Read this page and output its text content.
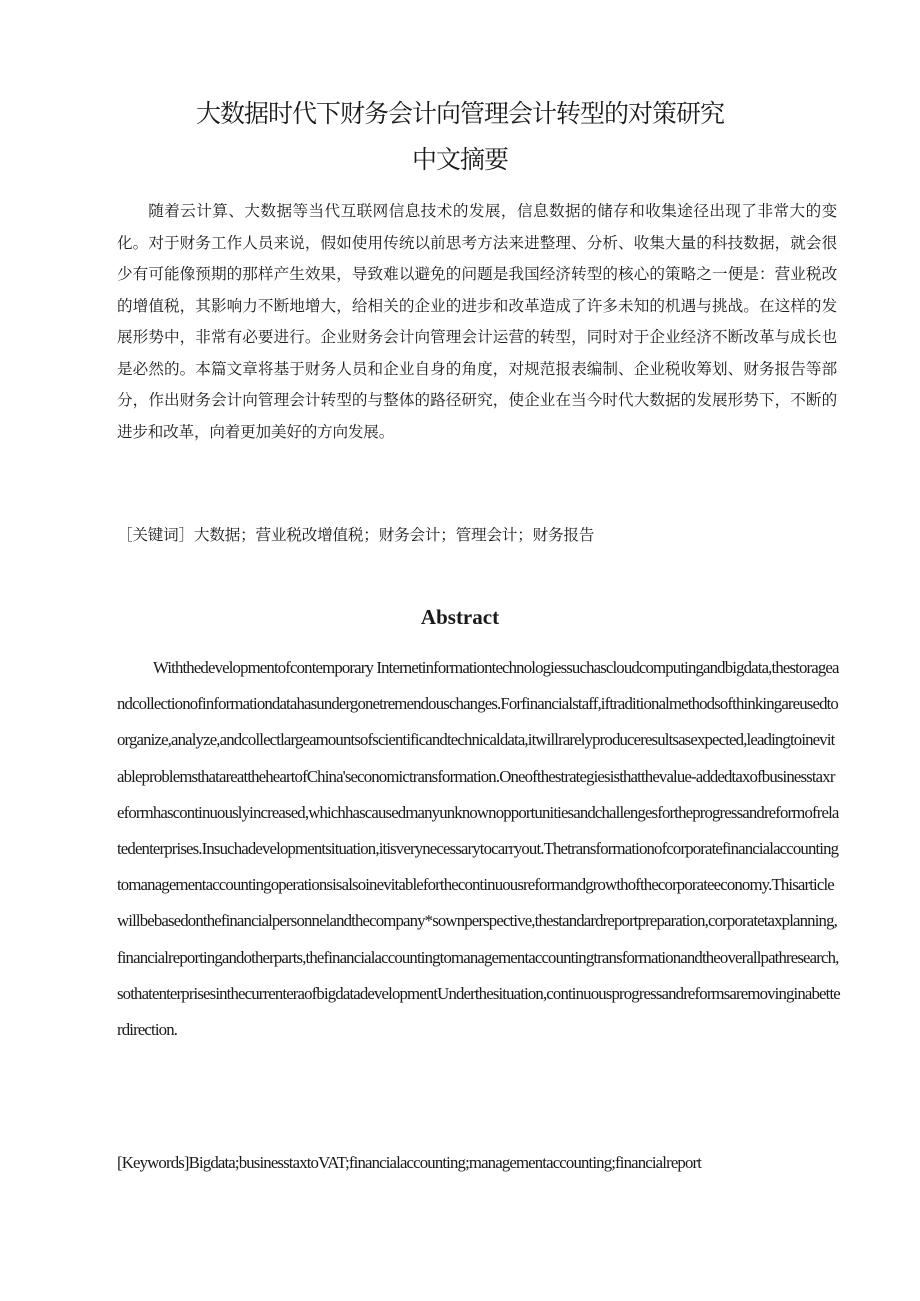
大数据时代下财务会计向管理会计转型的对策研究
中文摘要

随着云计算、大数据等当代互联网信息技术的发展，信息数据的储存和收集途径出现了非常大的变化。对于财务工作人员来说，假如使用传统以前思考方法来进整理、分析、收集大量的科技数据，就会很少有可能像预期的那样产生效果，导致难以避免的问题是我国经济转型的核心的策略之一便是：营业税改的增值税，其影响力不断地增大，给相关的企业的进步和改革造成了许多未知的机遇与挑战。在这样的发展形势中，非常有必要进行。企业财务会计向管理会计运营的转型，同时对于企业经济不断改革与成长也是必然的。本篇文章将基于财务人员和企业自身的角度，对规范报表编制、企业税收筹划、财务报告等部分，作出财务会计向管理会计转型的与整体的路径研究，使企业在当今时代大数据的发展形势下，不断的进步和改革，向着更加美好的方向发展。

［关键词］大数据；营业税改增值税；财务会计；管理会计；财务报告

Abstract

Withthedevelopmentofcontemporary Internetinformationtechnologiessuchascloudcomputingandbigdata,thestorageandcollectionofinformationdatahasundergonetremendouschanges.Forfinancialstaff,iftraditionalmethodsofthinkingareusedtoorganize,analyze,andcollectlargeamountsofscientificandtechnicaldata,itwillrarelyproduceresultsasexpected,leadingtoinevitableproblemsthatareattheheartofChina'seconomictransformation.Oneofthestrategiesisthatthevalue-addedtaxofbusinesstaxreformhascontinuouslyincreased,whichhascausedmanyunknownopportunitiesandchallengesfortheprogressandreformofrelatedenterprises.Insuchadevelopmentsituation,itisverynecessarytocarryout.Thetransformationofcorporatefinancialaccountingtomanagementaccountingoperationsisalsoinevitableforthecontinuousreformandgrowthofthecorporateeconomy.Thisarticlewillbebasedonthefinancialpersonnelandthecompany*sownperspective,thestandardreportpreparation,corporatetaxplanning,financialreportingandotherparts,thefinancialaccountingtomanagementaccountingtransformationandtheoverallpathresearch,sothatenterprisesinthecurrenteraofbigdatadevelopmentUnderthesituation,continuousprogressandreformsaremovinginabetterdirection.

[Keywords]Bigdata;businesstaxtoVAT;financialaccounting;managementaccounting;financialreport
